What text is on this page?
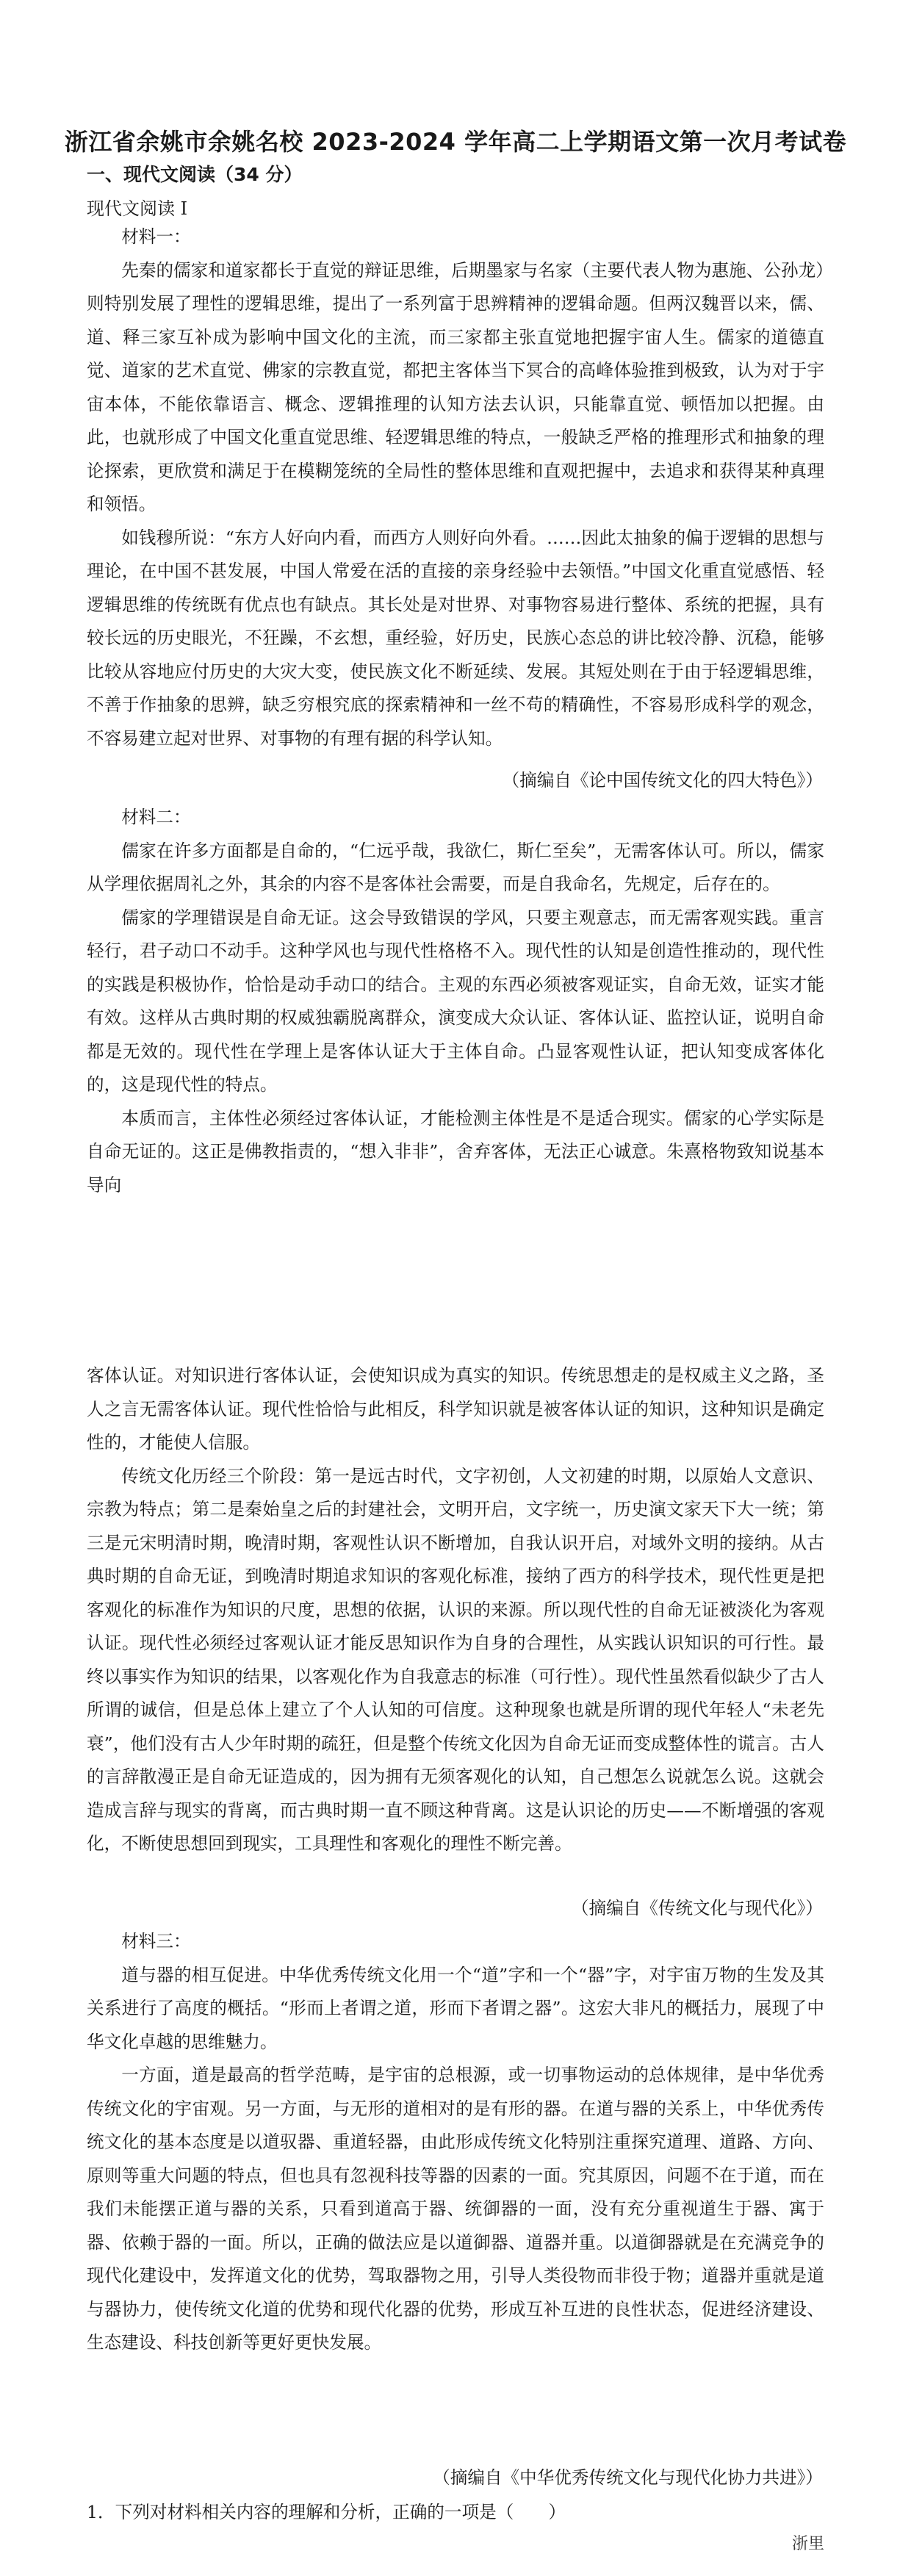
浙江省余姚市余姚名校 2023-2024 学年高二上学期语文第一次月考试卷
一、现代文阅读（34 分）
现代文阅读 I

材料一：

先秦的儒家和道家都长于直觉的辩证思维，后期墨家与名家（主要代表人物为惠施、公孙龙）则特别发展了理性的逻辑思维，提出了一系列富于思辨精神的逻辑命题。但两汉魏晋以来，儒、道、释三家互补成为影响中国文化的主流，而三家都主张直觉地把握宇宙人生。儒家的道德直觉、道家的艺术直觉、佛家的宗教直觉，都把主客体当下冥合的高峰体验推到极致，认为对于宇宙本体，不能依靠语言、概念、逻辑推理的认知方法去认识，只能靠直觉、顿悟加以把握。由此，也就形成了中国文化重直觉思维、轻逻辑思维的特点，一般缺乏严格的推理形式和抽象的理论探索，更欣赏和满足于在模糊笼统的全局性的整体思维和直观把握中，去追求和获得某种真理和领悟。

如钱穆所说：“东方人好向内看，而西方人则好向外看。……因此太抽象的偏于逻辑的思想与理论，在中国不甚发展，中国人常爱在活的直接的亲身经验中去领悟。”中国文化重直觉感悟、轻逻辑思维的传统既有优点也有缺点。其长处是对世界、对事物容易进行整体、系统的把握，具有较长远的历史眼光，不狂躁，不玄想，重经验，好历史，民族心态总的讲比较冷静、沉稳，能够比较从容地应付历史的大灾大变，使民族文化不断延续、发展。其短处则在于由于轻逻辑思维，不善于作抽象的思辨，缺乏穷根究底的探索精神和一丝不苟的精确性，不容易形成科学的观念，不容易建立起对世界、对事物的有理有据的科学认知。

（摘编自《论中国传统文化的四大特色》）

材料二：

儒家在许多方面都是自命的，“仁远乎哉，我欲仁，斯仁至矣”，无需客体认可。所以，儒家从学理依据周礼之外，其余的内容不是客体社会需要，而是自我命名，先规定，后存在的。

儒家的学理错误是自命无证。这会导致错误的学风，只要主观意志，而无需客观实践。重言轻行，君子动口不动手。这种学风也与现代性格格不入。现代性的认知是创造性推动的，现代性的实践是积极协作，恰恰是动手动口的结合。主观的东西必须被客观证实，自命无效，证实才能有效。这样从古典时期的权威独霸脱离群众，演变成大众认证、客体认证、监控认证，说明自命都是无效的。现代性在学理上是客体认证大于主体自命。凸显客观性认证，把认知变成客体化的，这是现代性的特点。

本质而言，主体性必须经过客体认证，才能检测主体性是不是适合现实。儒家的心学实际是自命无证的。这正是佛教指责的，“想入非非”，舍弃客体，无法正心诚意。朱熹格物致知说基本导向

客体认证。对知识进行客体认证，会使知识成为真实的知识。传统思想走的是权威主义之路，圣人之言无需客体认证。现代性恰恰与此相反，科学知识就是被客体认证的知识，这种知识是确定性的，才能使人信服。

传统文化历经三个阶段：第一是远古时代，文字初创，人文初建的时期，以原始人文意识、宗教为特点；第二是秦始皇之后的封建社会，文明开启，文字统一，历史演文家天下大一统；第三是元宋明清时期，晚清时期，客观性认识不断增加，自我认识开启，对域外文明的接纳。从古典时期的自命无证，到晚清时期追求知识的客观化标准，接纳了西方的科学技术，现代性更是把客观化的标准作为知识的尺度，思想的依据，认识的来源。所以现代性的自命无证被淡化为客观认证。现代性必须经过客观认证才能反思知识作为自身的合理性，从实践认识知识的可行性。最终以事实作为知识的结果，以客观化作为自我意志的标准（可行性）。现代性虽然看似缺少了古人所谓的诚信，但是总体上建立了个人认知的可信度。这种现象也就是所谓的现代年轻人“未老先衰”，他们没有古人少年时期的疏狂，但是整个传统文化因为自命无证而变成整体性的谎言。古人的言辞散漫正是自命无证造成的，因为拥有无须客观化的认知，自己想怎么说就怎么说。这就会造成言辞与现实的背离，而古典时期一直不顾这种背离。这是认识论的历史——不断增强的客观化，不断使思想回到现实，工具理性和客观化的理性不断完善。

（摘编自《传统文化与现代化》）

材料三：

道与器的相互促进。中华优秀传统文化用一个“道”字和一个“器”字，对宇宙万物的生发及其关系进行了高度的概括。“形而上者谓之道，形而下者谓之器”。这宏大非凡的概括力，展现了中华文化卓越的思维魅力。

一方面，道是最高的哲学范畴，是宇宙的总根源，或一切事物运动的总体规律，是中华优秀传统文化的宇宙观。另一方面，与无形的道相对的是有形的器。在道与器的关系上，中华优秀传统文化的基本态度是以道驭器、重道轻器，由此形成传统文化特别注重探究道理、道路、方向、原则等重大问题的特点，但也具有忽视科技等器的因素的一面。究其原因，问题不在于道，而在我们未能摆正道与器的关系，只看到道高于器、统御器的一面，没有充分重视道生于器、寓于器、依赖于器的一面。所以，正确的做法应是以道御器、道器并重。以道御器就是在充满竞争的现代化建设中，发挥道文化的优势，驾取器物之用，引导人类役物而非役于物；道器并重就是道与器协力，使传统文化道的优势和现代化器的优势，形成互补互进的良性状态，促进经济建设、生态建设、科技创新等更好更快发展。

（摘编自《中华优秀传统文化与现代化协力共进》）
1．下列对材料相关内容的理解和分析，正确的一项是（　　）
浙里
